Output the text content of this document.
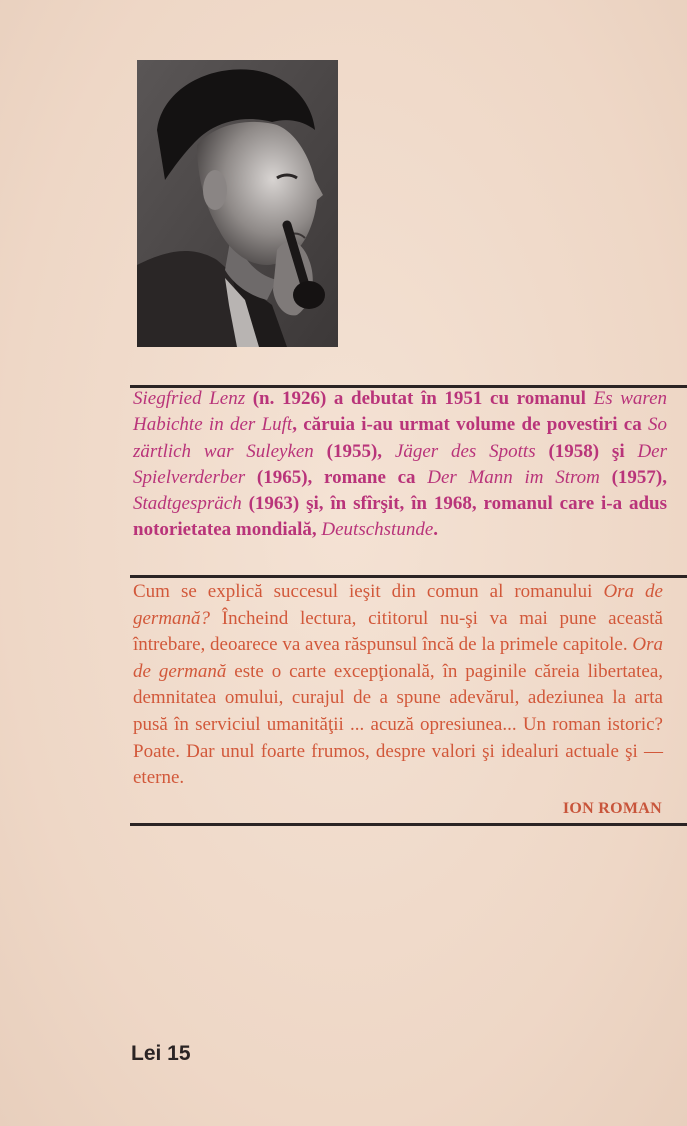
Siegfried Lenz (n. 1926) a debutat în 1951 cu romanul Es waren Habichte in der Luft, căruia i-au urmat volume de povestiri ca So zärtlich war Suleyken (1955), Jäger des Spotts (1958) şi Der Spielverderber (1965), romane ca Der Mann im Strom (1957), Stadtgespräch (1963) şi, în sfîrşit, în 1968, romanul care i-a adus notorietatea mondială, Deutschstunde.
Cum se explică succesul ieşit din comun al romanului Ora de germană? Încheind lectura, cititorul nu-şi va mai pune această întrebare, deoarece va avea răspunsul încă de la primele capitole. Ora de germană este o carte excepţională, în paginile căreia libertatea, demnitatea omului, curajul de a spune adevărul, adeziunea la arta pusă în serviciul umanităţii ... acuză opresiunea... Un roman istoric? Poate. Dar unul foarte frumos, despre valori şi idealuri actuale şi — eterne.
ION ROMAN
Lei 15
